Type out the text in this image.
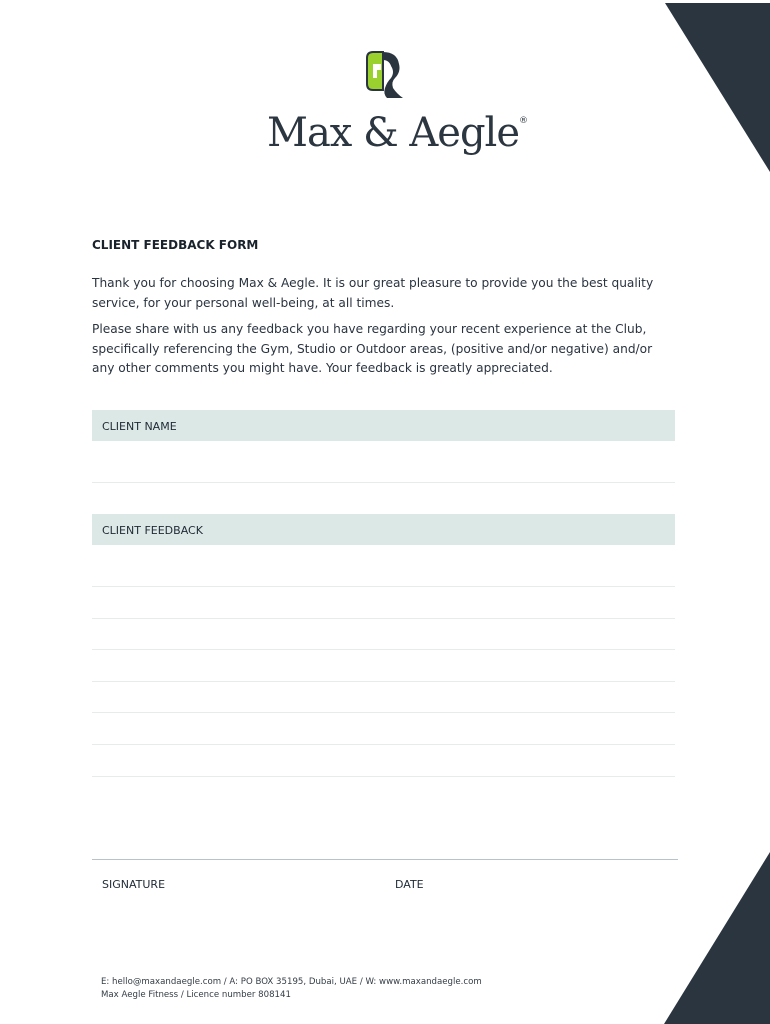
Max & Aegle®
CLIENT FEEDBACK FORM

Thank you for choosing Max & Aegle. It is our great pleasure to provide you the best quality service, for your personal well-being, at all times.

Please share with us any feedback you have regarding your recent experience at the Club, specifically referencing the Gym, Studio or Outdoor areas, (positive and/or negative) and/or any other comments you might have. Your feedback is greatly appreciated.

CLIENT NAME
CLIENT FEEDBACK
SIGNATURE	DATE
E: hello@maxandaegle.com / A: PO BOX 35195, Dubai, UAE / W: www.maxandaegle.com
Max Aegle Fitness / Licence number 808141
